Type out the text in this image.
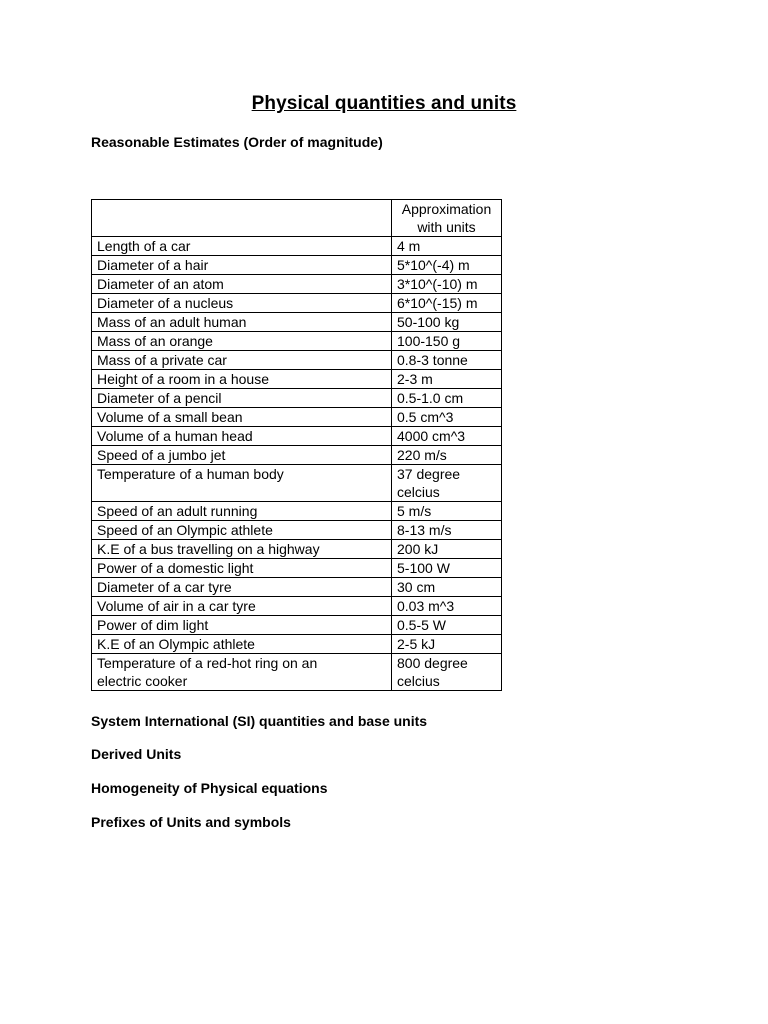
Physical quantities and units
Reasonable Estimates (Order of magnitude)
	Approximation
with units
Length of a car	4 m
Diameter of a hair	5*10^(-4) m
Diameter of an atom	3*10^(-10) m
Diameter of a nucleus	6*10^(-15) m
Mass of an adult human	50-100 kg
Mass of an orange	100-150 g
Mass of a private car	0.8-3 tonne
Height of a room in a house	2-3 m
Diameter of a pencil	0.5-1.0 cm
Volume of a small bean	0.5 cm^3
Volume of a human head	4000 cm^3
Speed of a jumbo jet	220 m/s
Temperature of a human body	37 degree
celcius
Speed of an adult running	5 m/s
Speed of an Olympic athlete	8-13 m/s
K.E of a bus travelling on a highway	200 kJ
Power of a domestic light	5-100 W
Diameter of a car tyre	30 cm
Volume of air in a car tyre	0.03 m^3
Power of dim light	0.5-5 W
K.E of an Olympic athlete	2-5 kJ
Temperature of a red-hot ring on an
electric cooker	800 degree
celcius
System International (SI) quantities and base units
Derived Units
Homogeneity of Physical equations
Prefixes of Units and symbols
